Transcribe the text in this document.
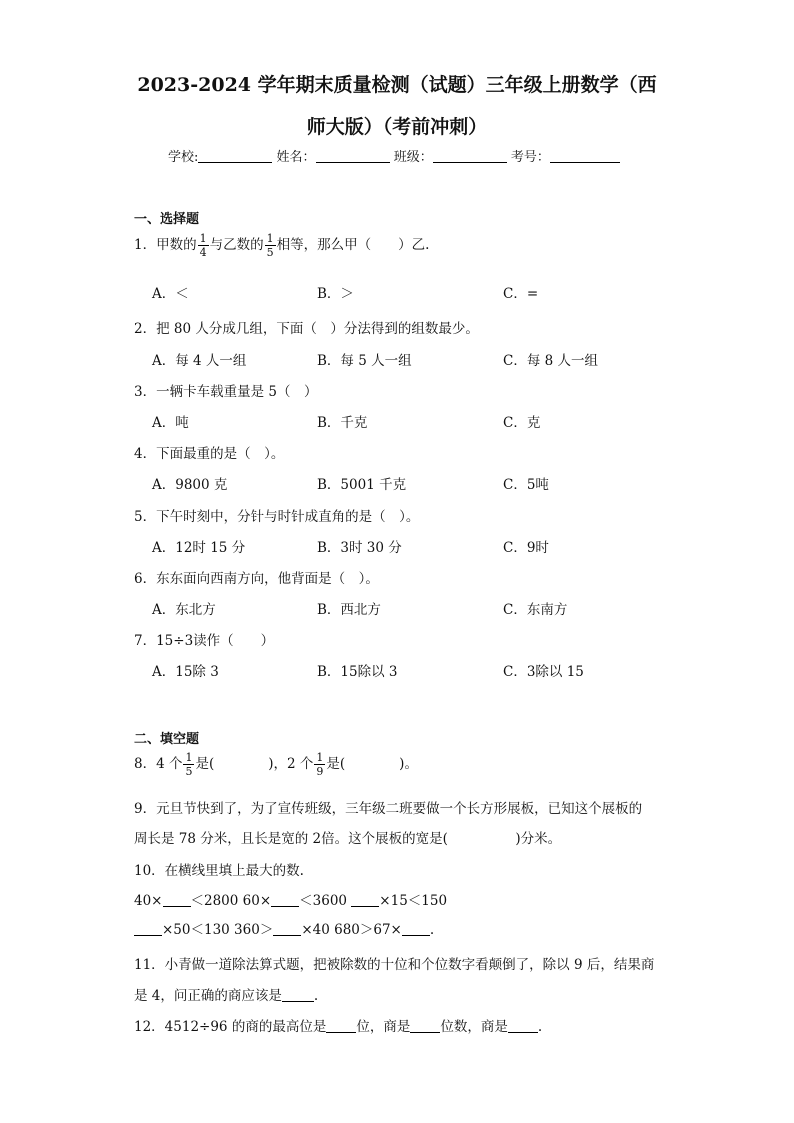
2023-2024 学年期末质量检测（试题）三年级上册数学（西
师大版）（考前冲刺）
学校:	姓名：	班级：	考号：
一、选择题
1．甲数的 $\frac{1}{4}$ 与乙数的 $\frac{1}{5}$ 相等，那么甲（　　）乙.
A．＜	B．＞	C．=
2．把 80 人分成几组，下面（　）分法得到的组数最少。
A．每 4 人一组	B．每 5 人一组	C．每 8 人一组
3．一辆卡车载重量是 5（　）
A．吨	B．千克	C．克
4．下面最重的是（　）。
A．9800 克	B．5001 千克	C．5吨
5．下午时刻中，分针与时针成直角的是（　）。
A．12时 15 分	B．3时 30 分	C．9时
6．东东面向西南方向，他背面是（　）。
A．东北方	B．西北方	C．东南方
7．15÷3读作（　　）
A．15除 3	B．15除以 3	C．3除以 15
二、填空题
8．4 个 $\frac{1}{5}$ 是(　　　　)，2 个 $\frac{1}{9}$ 是(　　　　)。
9．元旦节快到了，为了宣传班级，三年级二班要做一个长方形展板，已知这个展板的
周长是 78 分米，且长是宽的 2倍。这个展板的宽是(　　　　　)分米。
10．在横线里填上最大的数.
40× ＜2800 60× ＜3600 ×15＜150
×50＜130 360＞ ×40 680＞67× .
11．小青做一道除法算式题，把被除数的十位和个位数字看颠倒了，除以 9 后，结果商
是 4，问正确的商应该是 .
12．4512÷96 的商的最高位是 位，商是 位数，商是 .
